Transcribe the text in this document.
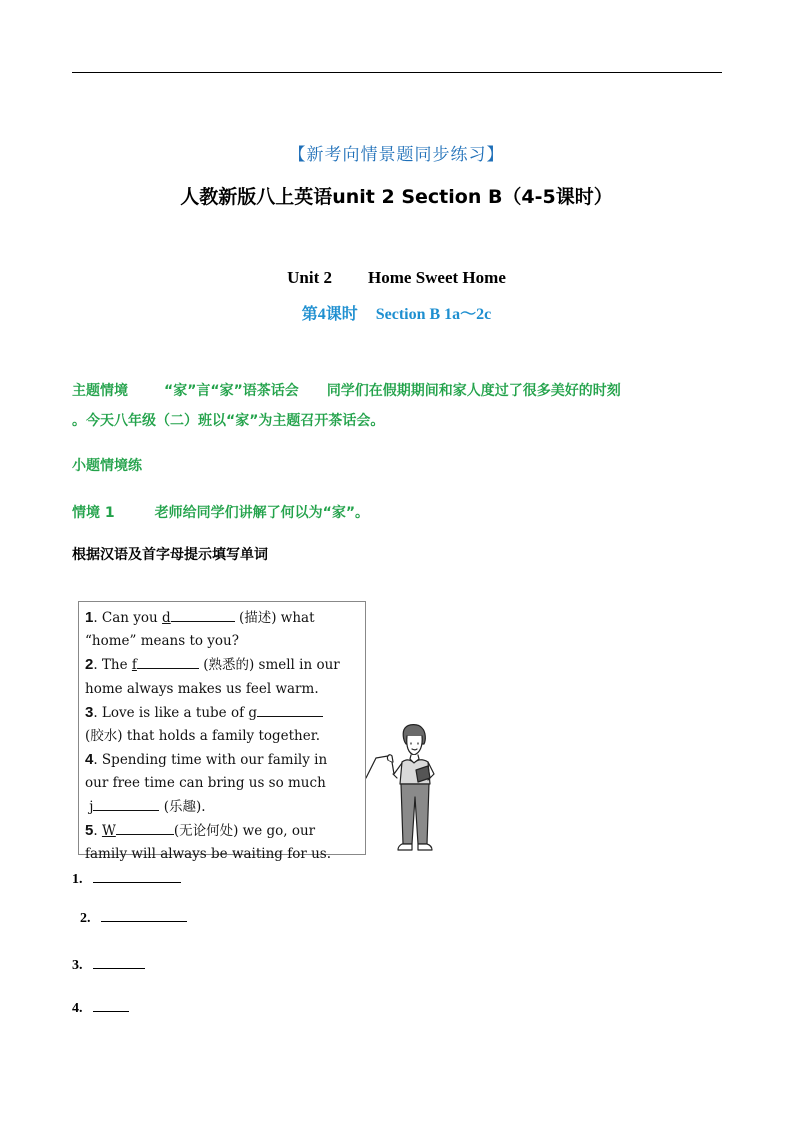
【新考向情景题同步练习】
人教新版八上英语unit 2 Section B（4-5课时）
Unit 2 Home Sweet Home
第4课时 Section B 1a～2c
主题情境	“家”言“家”语茶话会 同学们在假期期间和家人度过了很多美好的时刻
。今天八年级（二）班以“家”为主题召开茶话会。
小题情境练
情境 1	老师给同学们讲解了何以为“家”。
根据汉语及首字母提示填写单词
1. Can you d	(描述) what
“home” means to you?
2. The f	(熟悉的) smell in our
home always makes us feel warm.
3. Love is like a tube of g
(胶水) that holds a family together.
4. Spending time with our family in
our free time can bring us so much
j	(乐趣).
5. W	(无论何处) we go, our
family will always be waiting for us.
1.
2.
3.
4.
